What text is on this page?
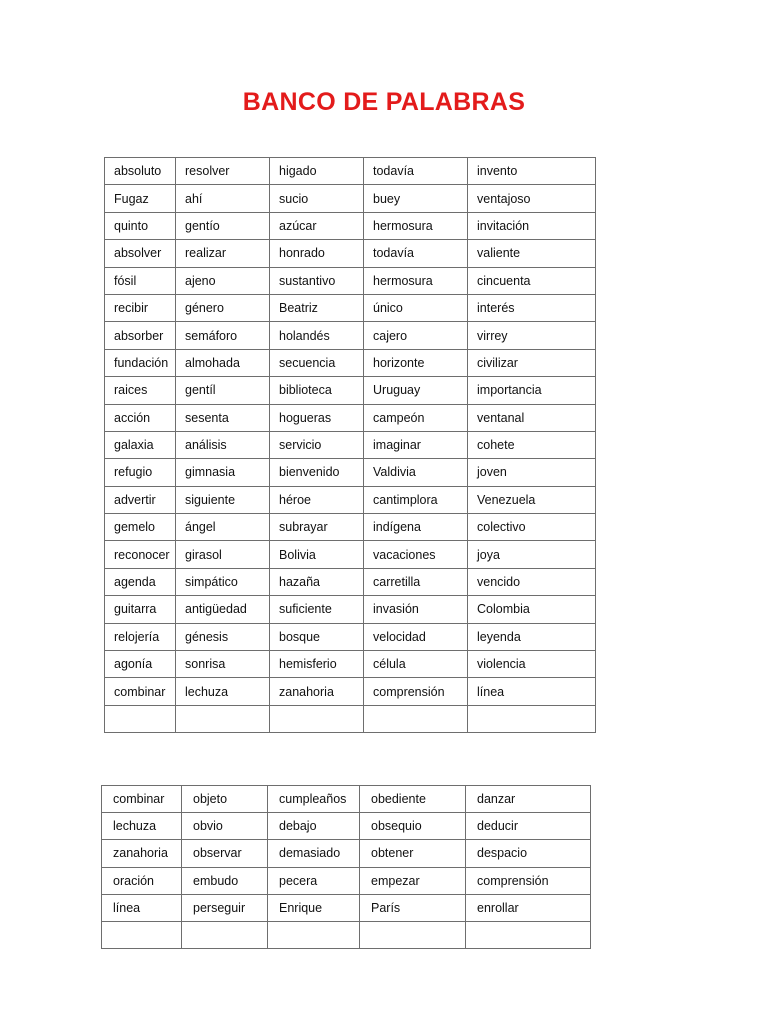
BANCO DE PALABRAS
absoluto	resolver	higado	todavía	invento
Fugaz	ahí	sucio	buey	ventajoso
quinto	gentío	azúcar	hermosura	invitación
absolver	realizar	honrado	todavía	valiente
fósil	ajeno	sustantivo	hermosura	cincuenta
recibir	género	Beatriz	único	interés
absorber	semáforo	holandés	cajero	virrey
fundación	almohada	secuencia	horizonte	civilizar
raices	gentíl	biblioteca	Uruguay	importancia
acción	sesenta	hogueras	campeón	ventanal
galaxia	análisis	servicio	imaginar	cohete
refugio	gimnasia	bienvenido	Valdivia	joven
advertir	siguiente	héroe	cantimplora	Venezuela
gemelo	ángel	subrayar	indígena	colectivo
reconocer	girasol	Bolivia	vacaciones	joya
agenda	simpático	hazaña	carretilla	vencido
guitarra	antigüedad	suficiente	invasión	Colombia
relojería	génesis	bosque	velocidad	leyenda
agonía	sonrisa	hemisferio	célula	violencia
combinar	lechuza	zanahoria	comprensión	línea

combinar	objeto	cumpleaños	obediente	danzar
lechuza	obvio	debajo	obsequio	deducir
zanahoria	observar	demasiado	obtener	despacio
oración	embudo	pecera	empezar	comprensión
línea	perseguir	Enrique	París	enrollar
